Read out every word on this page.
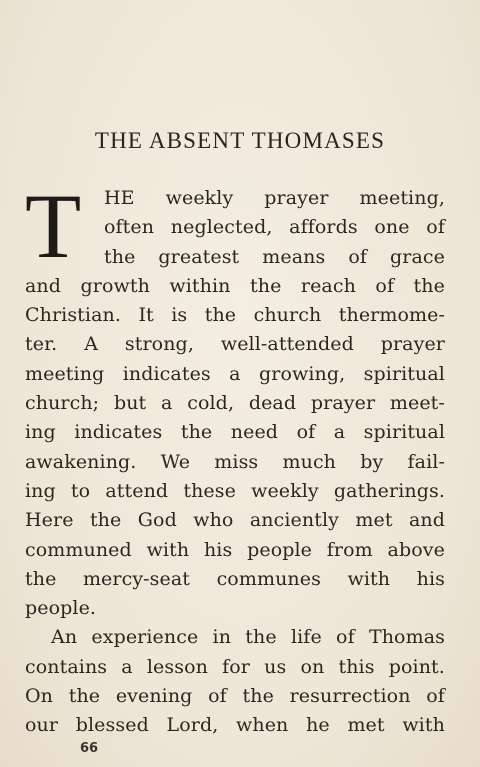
THE ABSENT THOMASES
T HE weekly prayer meeting,
often neglected, affords one of
the greatest means of grace
and growth within the reach of the
Christian. It is the church thermome-
ter. A strong, well-attended prayer
meeting indicates a growing, spiritual
church; but a cold, dead prayer meet-
ing indicates the need of a spiritual
awakening. We miss much by fail-
ing to attend these weekly gatherings.
Here the God who anciently met and
communed with his people from above
the mercy-seat communes with his
people.
An experience in the life of Thomas
contains a lesson for us on this point.
On the evening of the resurrection of
our blessed Lord, when he met with
66
